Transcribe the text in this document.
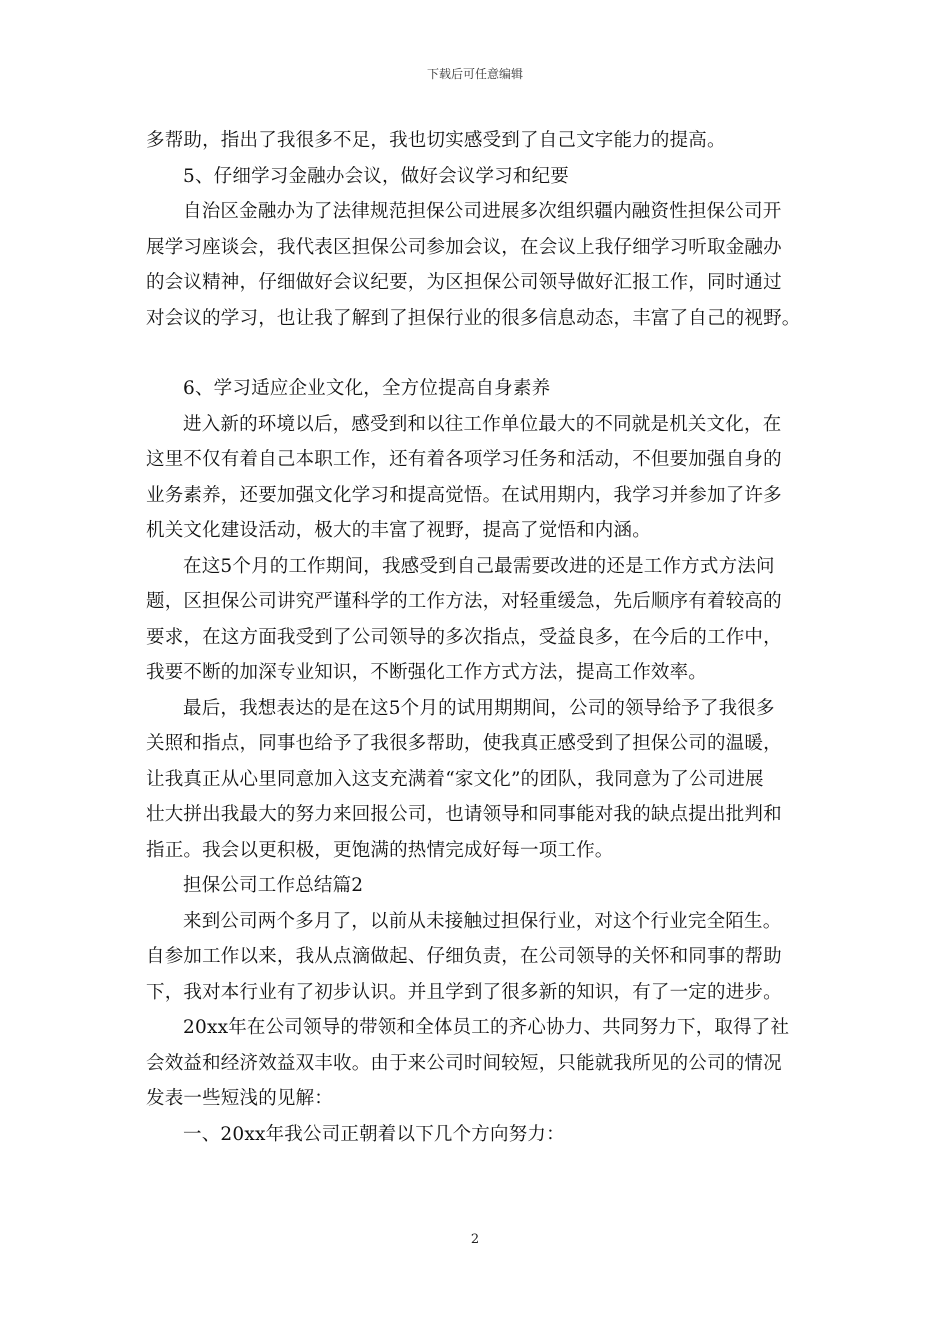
下载后可任意编辑
多帮助，指出了我很多不足，我也切实感受到了自己文字能力的提高。
5、仔细学习金融办会议，做好会议学习和纪要
自治区金融办为了法律规范担保公司进展多次组织疆内融资性担保公司开
展学习座谈会，我代表区担保公司参加会议，在会议上我仔细学习听取金融办
的会议精神，仔细做好会议纪要，为区担保公司领导做好汇报工作，同时通过
对会议的学习，也让我了解到了担保行业的很多信息动态，丰富了自己的视野。
6、学习适应企业文化，全方位提高自身素养
进入新的环境以后，感受到和以往工作单位最大的不同就是机关文化，在
这里不仅有着自己本职工作，还有着各项学习任务和活动，不但要加强自身的
业务素养，还要加强文化学习和提高觉悟。在试用期内，我学习并参加了许多
机关文化建设活动，极大的丰富了视野，提高了觉悟和内涵。
在这5个月的工作期间，我感受到自己最需要改进的还是工作方式方法问
题，区担保公司讲究严谨科学的工作方法，对轻重缓急，先后顺序有着较高的
要求，在这方面我受到了公司领导的多次指点，受益良多，在今后的工作中，
我要不断的加深专业知识，不断强化工作方式方法，提高工作效率。
最后，我想表达的是在这5个月的试用期期间，公司的领导给予了我很多
关照和指点，同事也给予了我很多帮助，使我真正感受到了担保公司的温暖，
让我真正从心里同意加入这支充满着“家文化”的团队，我同意为了公司进展
壮大拼出我最大的努力来回报公司，也请领导和同事能对我的缺点提出批判和
指正。我会以更积极，更饱满的热情完成好每一项工作。
担保公司工作总结篇2
来到公司两个多月了，以前从未接触过担保行业，对这个行业完全陌生。
自参加工作以来，我从点滴做起、仔细负责，在公司领导的关怀和同事的帮助
下，我对本行业有了初步认识。并且学到了很多新的知识，有了一定的进步。
20xx年在公司领导的带领和全体员工的齐心协力、共同努力下，取得了社
会效益和经济效益双丰收。由于来公司时间较短，只能就我所见的公司的情况
发表一些短浅的见解：
一、20xx年我公司正朝着以下几个方向努力：
2
